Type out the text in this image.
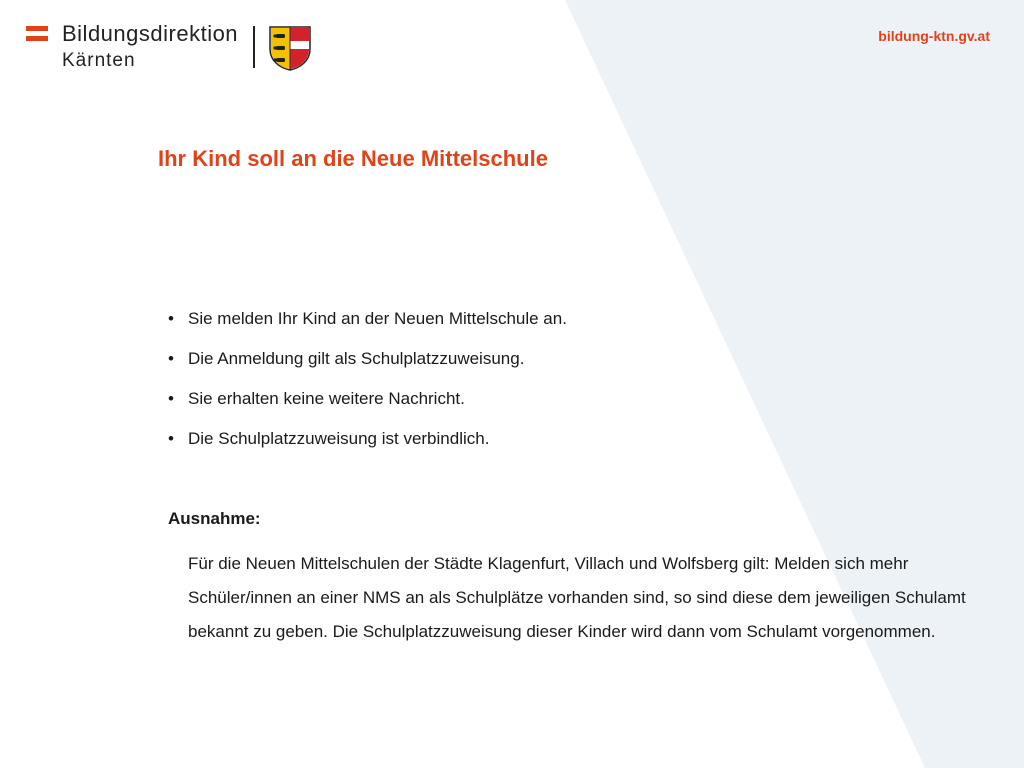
Bildungsdirektion
Kärnten
bildung-ktn.gv.at
Ihr Kind soll an die Neue Mittelschule
• Sie melden Ihr Kind an der Neuen Mittelschule an.
• Die Anmeldung gilt als Schulplatzzuweisung.
• Sie erhalten keine weitere Nachricht.
• Die Schulplatzzuweisung ist verbindlich.
Ausnahme:

Für die Neuen Mittelschulen der Städte Klagenfurt, Villach und Wolfsberg gilt: Melden sich mehr Schüler/innen an einer NMS an als Schulplätze vorhanden sind, so sind diese dem jeweiligen Schulamt bekannt zu geben. Die Schulplatzzuweisung dieser Kinder wird dann vom Schulamt vorgenommen.
